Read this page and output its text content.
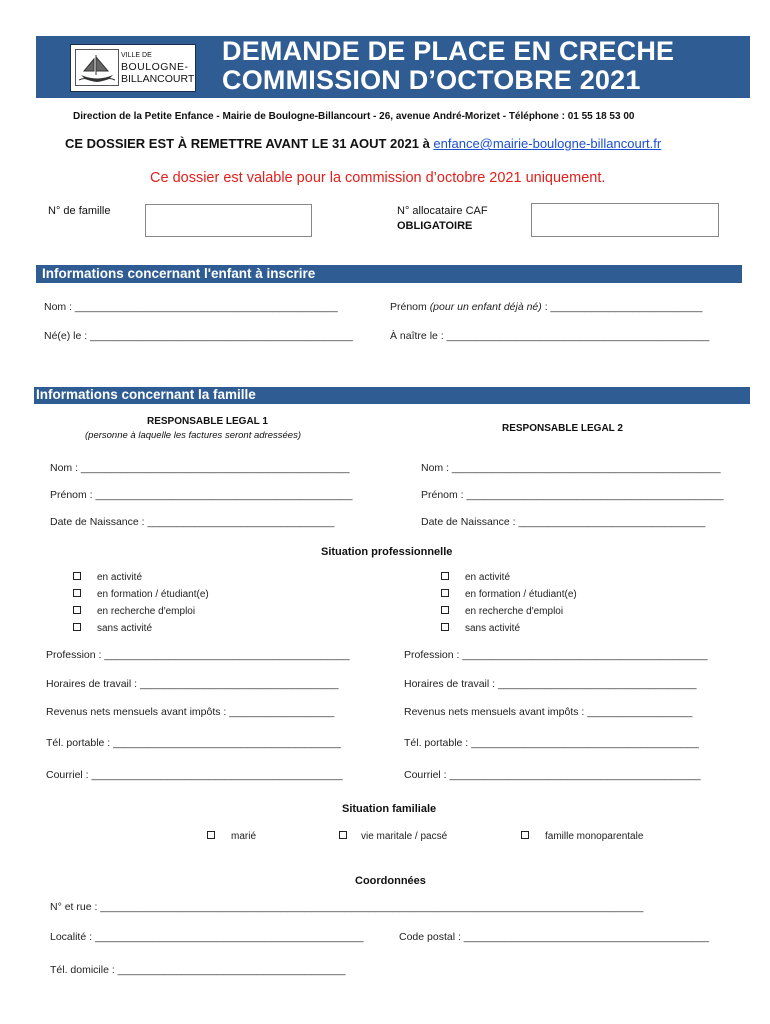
VILLE DE
BOULOGNE-
BILLANCOURT
DEMANDE DE PLACE EN CRECHE
COMMISSION D’OCTOBRE 2021
Direction de la Petite Enfance - Mairie de Boulogne-Billancourt - 26, avenue André-Morizet - Téléphone : 01 55 18 53 00
CE DOSSIER EST À REMETTRE AVANT LE 31 AOUT 2021 à enfance@mairie-boulogne-billancourt.fr
Ce dossier est valable pour la commission d’octobre 2021 uniquement.
N° de famille	N° allocataire CAF
OBLIGATOIRE
Informations concernant l'enfant à inscrire
Nom : _____________________________________________	Prénom (pour un enfant déjà né) : __________________________
Né(e) le : _____________________________________________	À naître le : _____________________________________________
Informations concernant la famille
RESPONSABLE LEGAL 1
(personne à laquelle les factures seront adressées)
RESPONSABLE LEGAL 2
Nom : ______________________________________________	Nom : ______________________________________________
Prénom : ____________________________________________	Prénom : ____________________________________________
Date de Naissance : ________________________________	Date de Naissance : ________________________________
Situation professionnelle
en activité
en formation / étudiant(e)
en recherche d'emploi
sans activité
en activité
en formation / étudiant(e)
en recherche d'emploi
sans activité
Profession : __________________________________________	Profession : __________________________________________
Horaires de travail : __________________________________	Horaires de travail : __________________________________
Revenus nets mensuels avant impôts : __________________	Revenus nets mensuels avant impôts : __________________
Tél. portable : _______________________________________	Tél. portable : _______________________________________
Courriel : ___________________________________________	Courriel : ___________________________________________
Situation familiale
marié	vie maritale / pacsé	famille monoparentale
Coordonnées
N° et rue : _____________________________________________________________________________________________
Localité : ______________________________________________	Code postal : __________________________________________
Tél. domicile : _______________________________________
